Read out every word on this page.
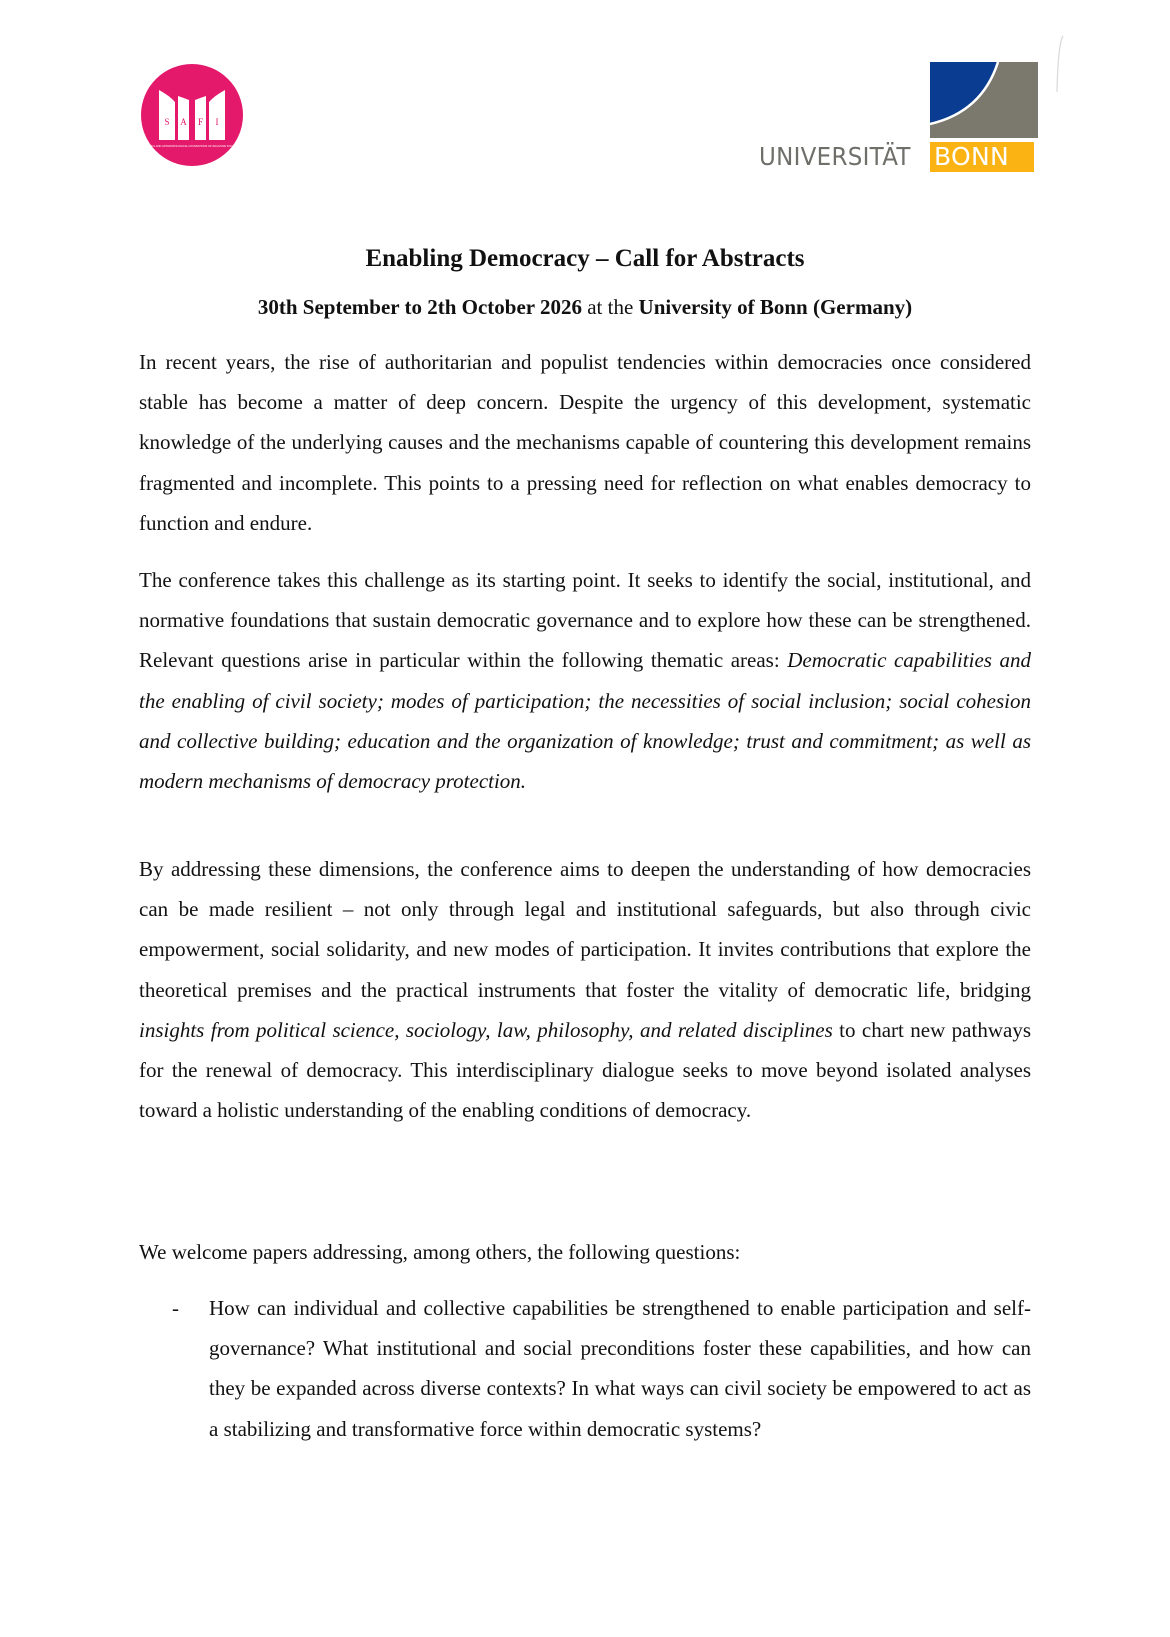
S A F I
SOCIAL AND ANTHROPOLOGICAL FOUNDATIONS OF INCLUSIVE SOCIETY	UNIVERSITÄT BONN
Enabling Democracy – Call for Abstracts
30th September to 2th October 2026 at the University of Bonn (Germany)

In recent years, the rise of authoritarian and populist tendencies within democracies once considered stable has become a matter of deep concern. Despite the urgency of this development, systematic knowledge of the underlying causes and the mechanisms capable of countering this development remains fragmented and incomplete. This points to a pressing need for reflection on what enables democracy to function and endure.

The conference takes this challenge as its starting point. It seeks to identify the social, institutional, and normative foundations that sustain democratic governance and to explore how these can be strengthened. Relevant questions arise in particular within the following thematic areas: Democratic capabilities and the enabling of civil society; modes of participation; the necessities of social inclusion; social cohesion and collective building; education and the organization of knowledge; trust and commitment; as well as modern mechanisms of democracy protection.

By addressing these dimensions, the conference aims to deepen the understanding of how democracies can be made resilient – not only through legal and institutional safeguards, but also through civic empowerment, social solidarity, and new modes of participation. It invites contributions that explore the theoretical premises and the practical instruments that foster the vitality of democratic life, bridging insights from political science, sociology, law, philosophy, and related disciplines to chart new pathways for the renewal of democracy. This interdisciplinary dialogue seeks to move beyond isolated analyses toward a holistic understanding of the enabling conditions of democracy.

We welcome papers addressing, among others, the following questions:

- How can individual and collective capabilities be strengthened to enable participation and self-governance? What institutional and social preconditions foster these capabilities, and how can they be expanded across diverse contexts? In what ways can civil society be empowered to act as a stabilizing and transformative force within democratic systems?
